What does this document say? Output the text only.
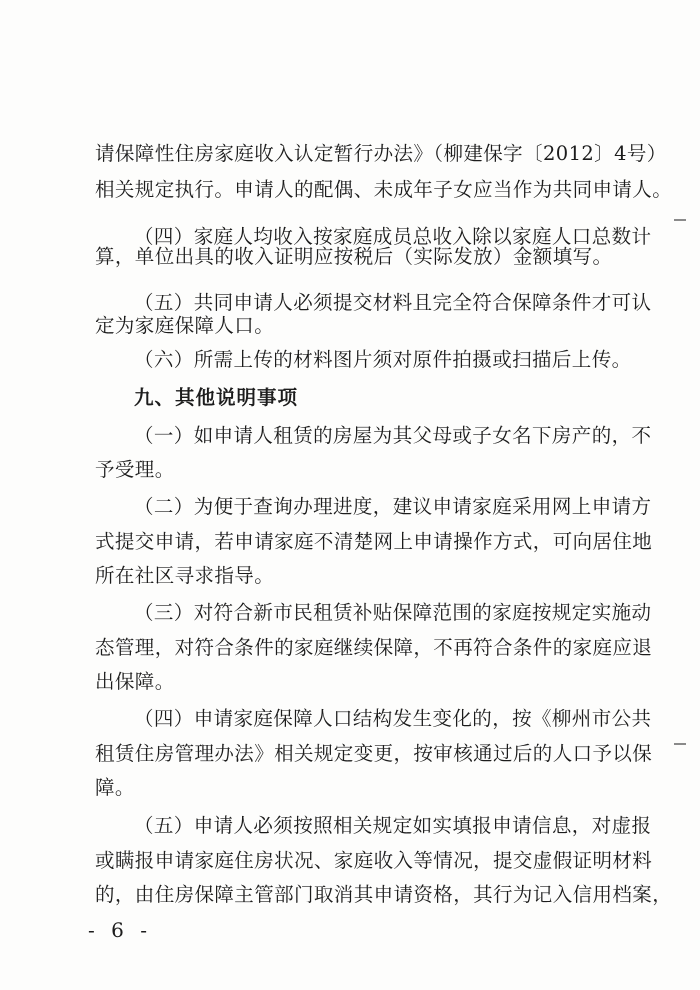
请保障性住房家庭收入认定暂行办法》（柳建保字〔2012〕4号）
相关规定执行。申请人的配偶、未成年子女应当作为共同申请人。
（四）家庭人均收入按家庭成员总收入除以家庭人口总数计
算，单位出具的收入证明应按税后（实际发放）金额填写。
（五）共同申请人必须提交材料且完全符合保障条件才可认
定为家庭保障人口。
（六）所需上传的材料图片须对原件拍摄或扫描后上传。
九、其他说明事项
（一）如申请人租赁的房屋为其父母或子女名下房产的，不
予受理。
（二）为便于查询办理进度，建议申请家庭采用网上申请方
式提交申请，若申请家庭不清楚网上申请操作方式，可向居住地
所在社区寻求指导。
（三）对符合新市民租赁补贴保障范围的家庭按规定实施动
态管理，对符合条件的家庭继续保障，不再符合条件的家庭应退
出保障。
（四）申请家庭保障人口结构发生变化的，按《柳州市公共
租赁住房管理办法》相关规定变更，按审核通过后的人口予以保
障。
（五）申请人必须按照相关规定如实填报申请信息，对虚报
或瞒报申请家庭住房状况、家庭收入等情况，提交虚假证明材料
的，由住房保障主管部门取消其申请资格，其行为记入信用档案，
- 6 -
